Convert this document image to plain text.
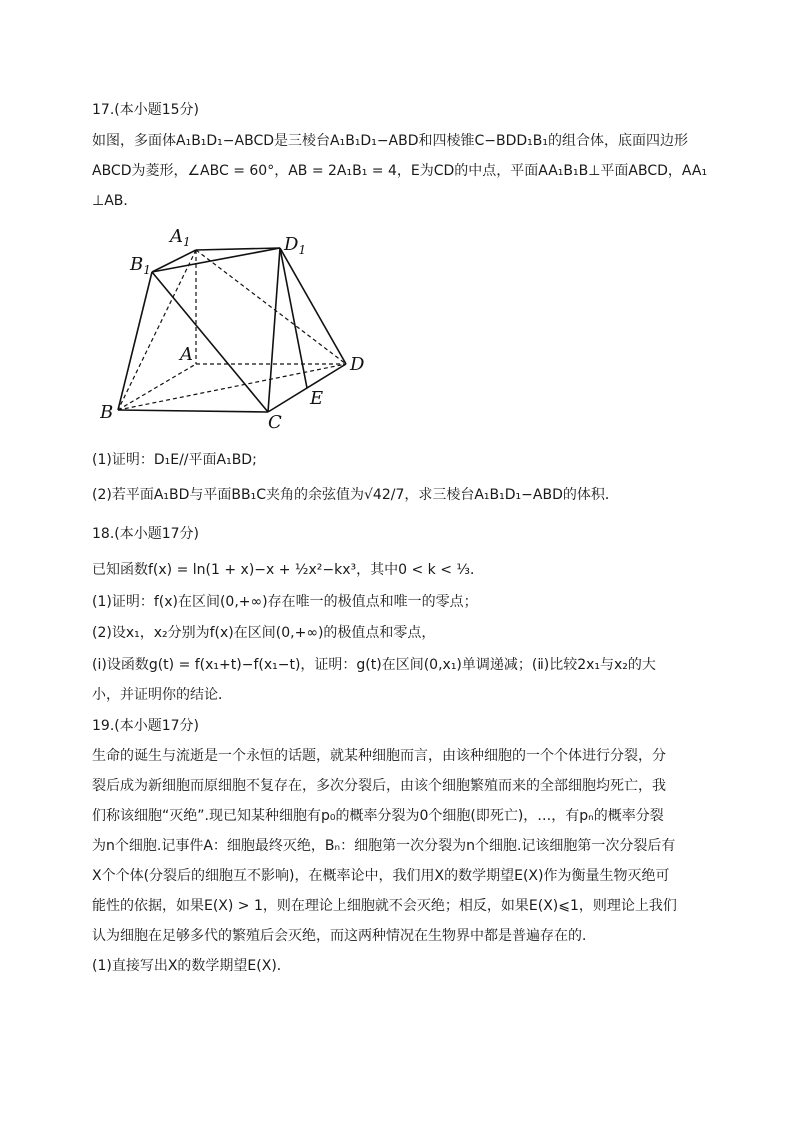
17.(本小题15分)
如图，多面体A₁B₁D₁−ABCD是三棱台A₁B₁D₁−ABD和四棱锥C−BDD₁B₁的组合体，底面四边形
ABCD为菱形，∠ABC = 60°，AB = 2A₁B₁ = 4，E为CD的中点，平面AA₁B₁B⊥平面ABCD，AA₁
⊥AB．
$A_1$
$B_1$
$D_1$
A
B	C
D
E
(1)证明：D₁E//平面A₁BD;
(2)若平面A₁BD与平面BB₁C夹角的余弦值为√42/7，求三棱台A₁B₁D₁−ABD的体积．
18.(本小题17分)
已知函数f(x) = ln(1 + x)−x + ½x²−kx³，其中0 < k < ⅓．
(1)证明：f(x)在区间(0,+∞)存在唯一的极值点和唯一的零点；
(2)设x₁，x₂分别为f(x)在区间(0,+∞)的极值点和零点，
(ⅰ)设函数g(t) = f(x₁+t)−f(x₁−t)，证明：g(t)在区间(0,x₁)单调递减；(ⅱ)比较2x₁与x₂的大
小，并证明你的结论．
19.(本小题17分)
生命的诞生与流逝是一个永恒的话题，就某种细胞而言，由该种细胞的一个个体进行分裂，分
裂后成为新细胞而原细胞不复存在，多次分裂后，由该个细胞繁殖而来的全部细胞均死亡，我
们称该细胞“灭绝”.现已知某种细胞有p₀的概率分裂为0个细胞(即死亡)，…，有pₙ的概率分裂
为n个细胞.记事件A：细胞最终灭绝，Bₙ：细胞第一次分裂为n个细胞.记该细胞第一次分裂后有
X个个体(分裂后的细胞互不影响)，在概率论中，我们用X的数学期望E(X)作为衡量生物灭绝可
能性的依据，如果E(X) > 1，则在理论上细胞就不会灭绝；相反，如果E(X)⩽1，则理论上我们
认为细胞在足够多代的繁殖后会灭绝，而这两种情况在生物界中都是普遍存在的．
(1)直接写出X的数学期望E(X)．
